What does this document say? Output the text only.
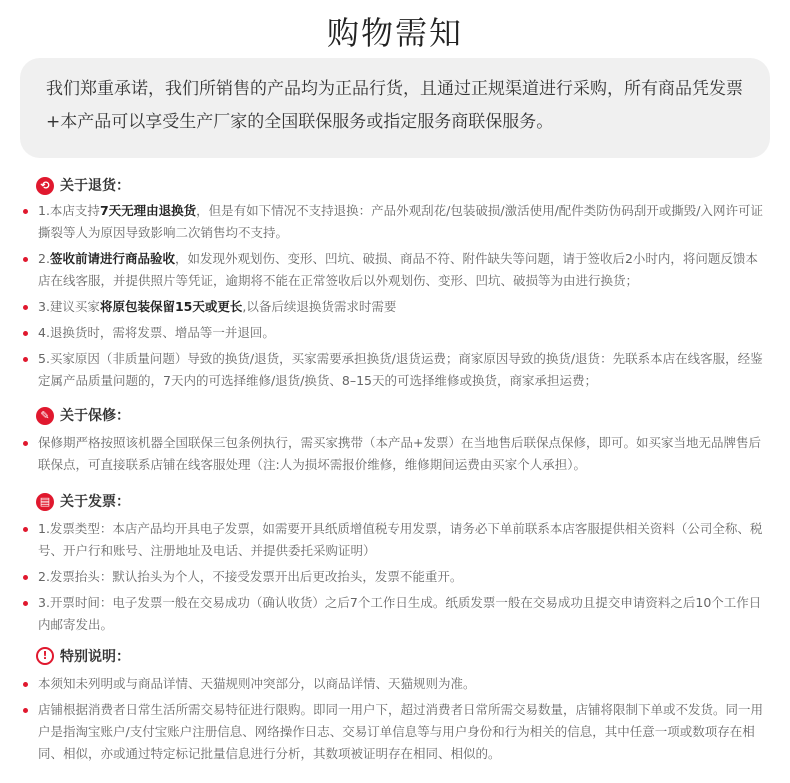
购物需知
我们郑重承诺，我们所销售的产品均为正品行货，且通过正规渠道进行采购，所有商品凭发票+本产品可以享受生产厂家的全国联保服务或指定服务商联保服务。
⟲ 关于退货：
1.本店支持7天无理由退换货，但是有如下情况不支持退换：产品外观刮花/包装破损/激活使用/配件类防伪码刮开或撕毁/入网许可证撕裂等人为原因导致影响二次销售均不支持。
2.签收前请进行商品验收，如发现外观划伤、变形、凹坑、破损、商品不符、附件缺失等问题，请于签收后2小时内，将问题反馈本店在线客服，并提供照片等凭证，逾期将不能在正常签收后以外观划伤、变形、凹坑、破损等为由进行换货；
3.建议买家将原包装保留15天或更长,以备后续退换货需求时需要
4.退换货时，需将发票、增品等一并退回。
5.买家原因（非质量问题）导致的换货/退货，买家需要承担换货/退货运费；商家原因导致的换货/退货：先联系本店在线客服，经鉴定属产品质量问题的，7天内的可选择维修/退货/换货、8–15天的可选择维修或换货，商家承担运费；
✎ 关于保修：
保修期严格按照该机器全国联保三包条例执行，需买家携带（本产品+发票）在当地售后联保点保修，即可。如买家当地无品牌售后联保点，可直接联系店铺在线客服处理（注:人为损坏需报价维修，维修期间运费由买家个人承担）。
▤ 关于发票：
1.发票类型：本店产品均开具电子发票，如需要开具纸质增值税专用发票，请务必下单前联系本店客服提供相关资料（公司全称、税号、开户行和账号、注册地址及电话、并提供委托采购证明）
2.发票抬头：默认抬头为个人，不接受发票开出后更改抬头，发票不能重开。
3.开票时间：电子发票一般在交易成功（确认收货）之后7个工作日生成。纸质发票一般在交易成功且提交申请资料之后10个工作日内邮寄发出。
! 特别说明：
本须知未列明或与商品详情、天猫规则冲突部分，以商品详情、天猫规则为准。
店铺根据消费者日常生活所需交易特征进行限购。即同一用户下，超过消费者日常所需交易数量，店铺将限制下单或不发货。同一用户是指淘宝账户/支付宝账户注册信息、网络操作日志、交易订单信息等与用户身份和行为相关的信息，其中任意一项或数项存在相同、相似，亦或通过特定标记批量信息进行分析，其数项被证明存在相同、相似的。
